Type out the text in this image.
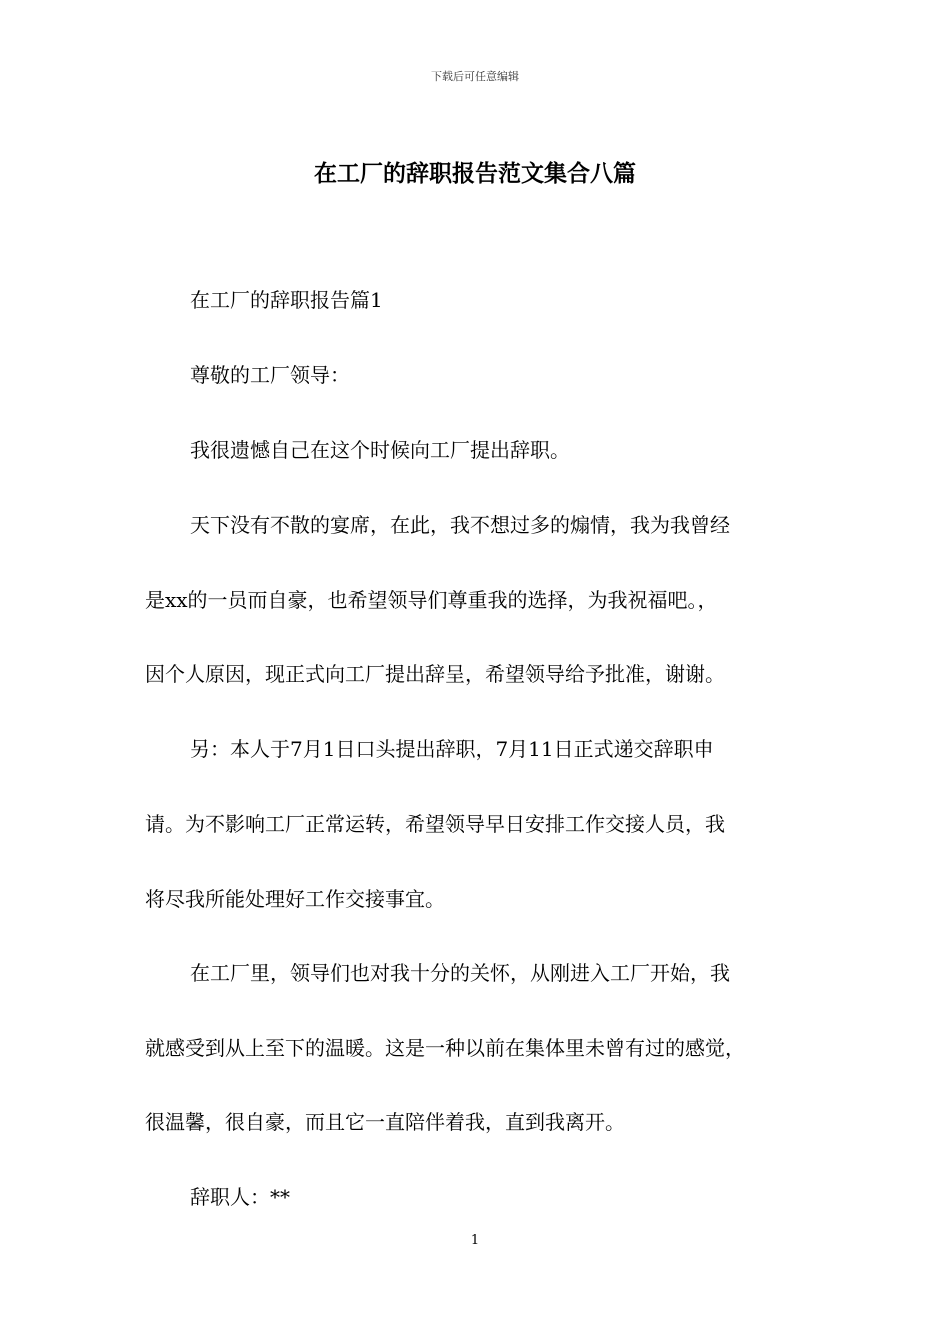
下载后可任意编辑
在工厂的辞职报告范文集合八篇

在工厂的辞职报告篇1

尊敬的工厂领导：

我很遗憾自己在这个时候向工厂提出辞职。

天下没有不散的宴席，在此，我不想过多的煽情，我为我曾经

是xx的一员而自豪，也希望领导们尊重我的选择，为我祝福吧。，

因个人原因，现正式向工厂提出辞呈，希望领导给予批准，谢谢。

另：本人于7月1日口头提出辞职，7月11日正式递交辞职申

请。为不影响工厂正常运转，希望领导早日安排工作交接人员，我

将尽我所能处理好工作交接事宜。

在工厂里，领导们也对我十分的关怀，从刚进入工厂开始，我

就感受到从上至下的温暖。这是一种以前在集体里未曾有过的感觉，

很温馨，很自豪，而且它一直陪伴着我，直到我离开。

辞职人：**

1
